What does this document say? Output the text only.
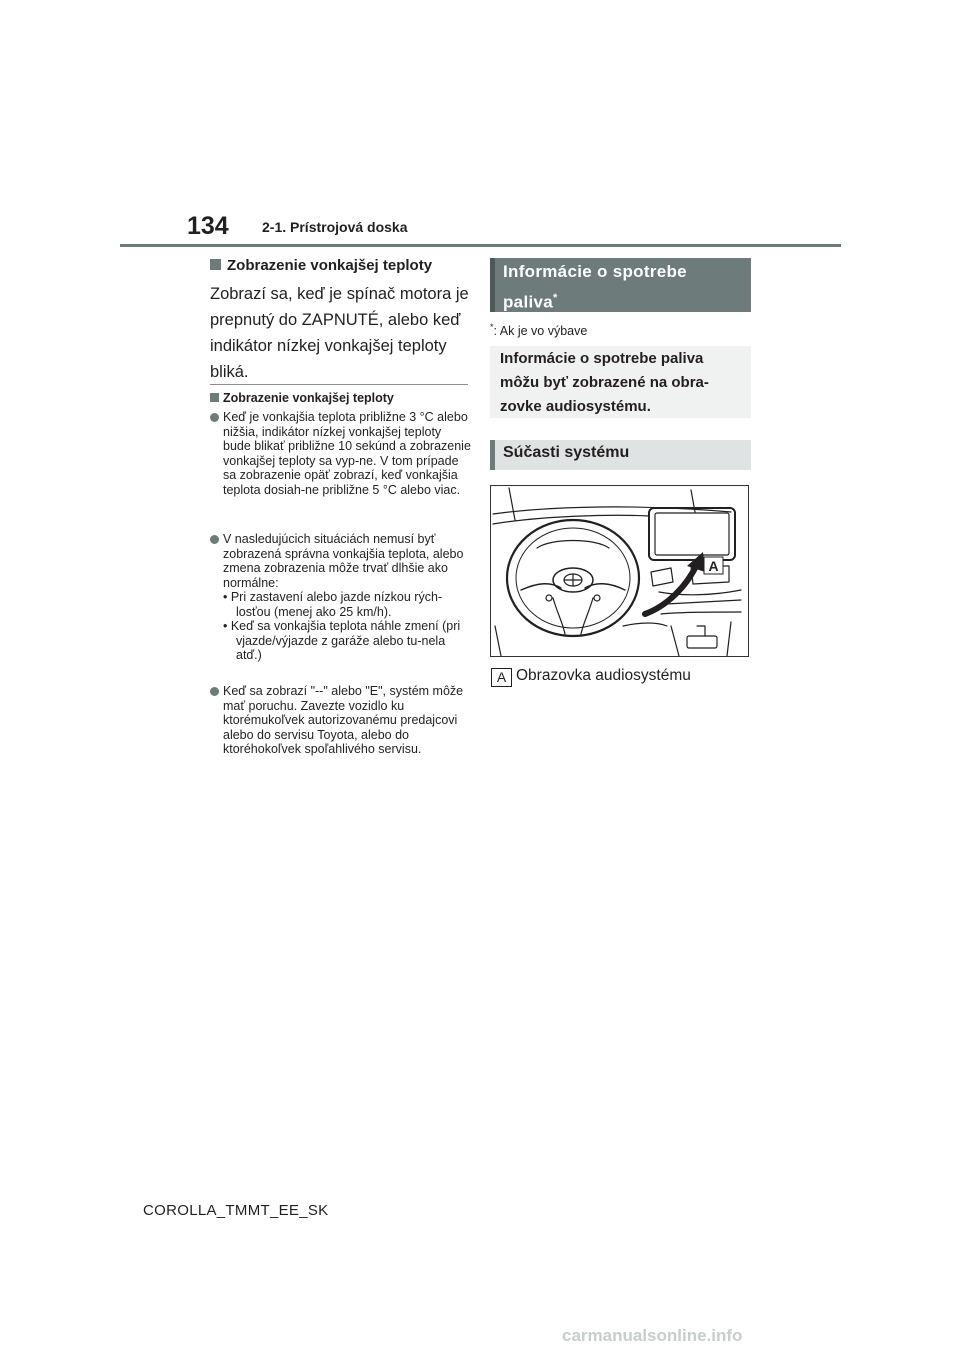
134 2-1. Prístrojová doska
Zobrazenie vonkajšej teploty
Zobrazí sa, keď je spínač motora je prepnutý do ZAPNUTÉ, alebo keď indikátor nízkej vonkajšej teploty bliká.
Zobrazenie vonkajšej teploty
Keď je vonkajšia teplota približne 3 °C alebo nižšia, indikátor nízkej vonkajšej teploty bude blikať približne 10 sekúnd a zobrazenie vonkajšej teploty sa vyp-ne. V tom prípade sa zobrazenie opäť zobrazí, keď vonkajšia teplota dosiah-ne približne 5 °C alebo viac.
V nasledujúcich situáciách nemusí byť zobrazená správna vonkajšia teplota, alebo zmena zobrazenia môže trvať dlhšie ako normálne:
• Pri zastavení alebo jazde nízkou rých-losťou (menej ako 25 km/h).
• Keď sa vonkajšia teplota náhle zmení (pri vjazde/výjazde z garáže alebo tu-nela atď.)
Keď sa zobrazí "--" alebo "E", systém môže mať poruchu. Zavezte vozidlo ku ktorémukoľvek autorizovanému predajcovi alebo do servisu Toyota, alebo do ktoréhokoľvek spoľahlivého servisu.
Informácie o spotrebe
paliva*
*: Ak je vo výbave
Informácie o spotrebe paliva môžu byť zobrazené na obra-zovke audiosystému.
Súčasti systému
A
A Obrazovka audiosystému
COROLLA_TMMT_EE_SK
carmanualsonline.info
